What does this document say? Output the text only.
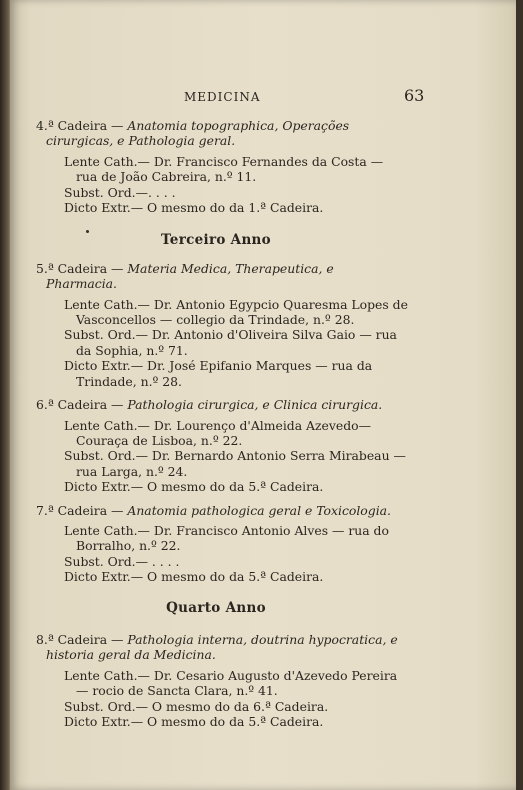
MEDICINA	63
4.ª Cadeira — Anatomia topographica, Operações cirurgicas, e Pathologia geral.
Lente Cath.— Dr. Francisco Fernandes da Costa — rua de João Cabreira, n.º 11.
Subst. Ord.—. . . .
Dicto Extr.— O mesmo do da 1.ª Cadeira.
Terceiro Anno
5.ª Cadeira — Materia Medica, Therapeutica, e Pharmacia.
Lente Cath.— Dr. Antonio Egypcio Quaresma Lopes de Vasconcellos — collegio da Trindade, n.º 28.
Subst. Ord.— Dr. Antonio d'Oliveira Silva Gaio — rua da Sophia, n.º 71.
Dicto Extr.— Dr. José Epifanio Marques — rua da Trindade, n.º 28.
6.ª Cadeira — Pathologia cirurgica, e Clinica cirurgica.
Lente Cath.— Dr. Lourenço d'Almeida Azevedo—Couraça de Lisboa, n.º 22.
Subst. Ord.— Dr. Bernardo Antonio Serra Mirabeau — rua Larga, n.º 24.
Dicto Extr.— O mesmo do da 5.ª Cadeira.
7.ª Cadeira — Anatomia pathologica geral e Toxicologia.
Lente Cath.— Dr. Francisco Antonio Alves — rua do Borralho, n.º 22.
Subst. Ord.— . . . .
Dicto Extr.— O mesmo do da 5.ª Cadeira.
Quarto Anno
8.ª Cadeira — Pathologia interna, doutrina hypocratica, e historia geral da Medicina.
Lente Cath.— Dr. Cesario Augusto d'Azevedo Pereira — rocio de Sancta Clara, n.º 41.
Subst. Ord.— O mesmo do da 6.ª Cadeira.
Dicto Extr.— O mesmo do da 5.ª Cadeira.
